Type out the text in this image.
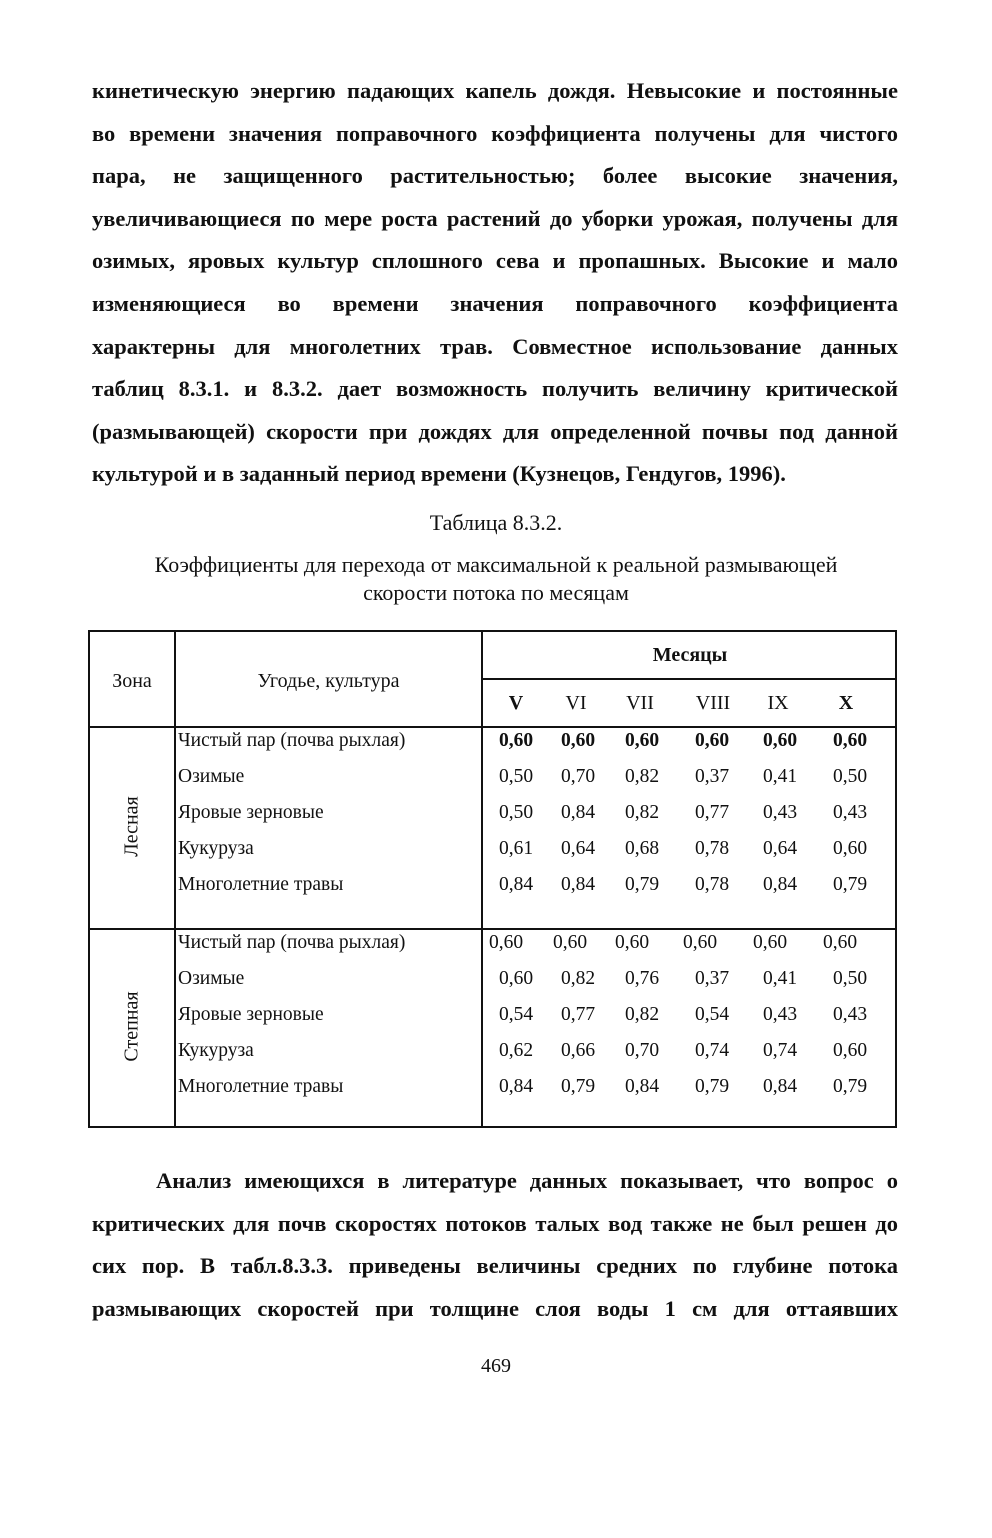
кинетическую энергию падающих капель дождя. Невысокие и постоянные
во времени значения поправочного коэффициента получены для чистого
пара, не защищенного растительностью; более высокие значения,
увеличивающиеся по мере роста растений до уборки урожая, получены для
озимых, яровых культур сплошного сева и пропашных. Высокие и мало
изменяющиеся во времени значения поправочного коэффициента
характерны для многолетних трав. Совместное использование данных
таблиц 8.3.1. и 8.3.2. дает возможность получить величину критической
(размывающей) скорости при дождях для определенной почвы под данной
культурой и в заданный период времени (Кузнецов, Гендугов, 1996).
Таблица 8.3.2.
Коэффициенты для перехода от максимальной к реальной размывающей
скорости потока по месяцам
Зона	Угодье, культура
Месяцы
V	VI	VII	VIII	IX	X
Лесная
Степная
Чистый пар (почва рыхлая)	0,60	0,60	0,60	0,60	0,60	0,60
Озимые	0,50	0,70	0,82	0,37	0,41	0,50
Яровые зерновые	0,50	0,84	0,82	0,77	0,43	0,43
Кукуруза	0,61	0,64	0,68	0,78	0,64	0,60
Многолетние травы	0,84	0,84	0,79	0,78	0,84	0,79
Чистый пар (почва рыхлая)	0,60	0,60	0,60	0,60	0,60	0,60
Озимые	0,60	0,82	0,76	0,37	0,41	0,50
Яровые зерновые	0,54	0,77	0,82	0,54	0,43	0,43
Кукуруза	0,62	0,66	0,70	0,74	0,74	0,60
Многолетние травы	0,84	0,79	0,84	0,79	0,84	0,79
Анализ имеющихся в литературе данных показывает, что вопрос о
критических для почв скоростях потоков талых вод также не был решен до
сих пор. В табл.8.3.3. приведены величины средних по глубине потока
размывающих скоростей при толщине слоя воды 1 см для оттаявших
469
